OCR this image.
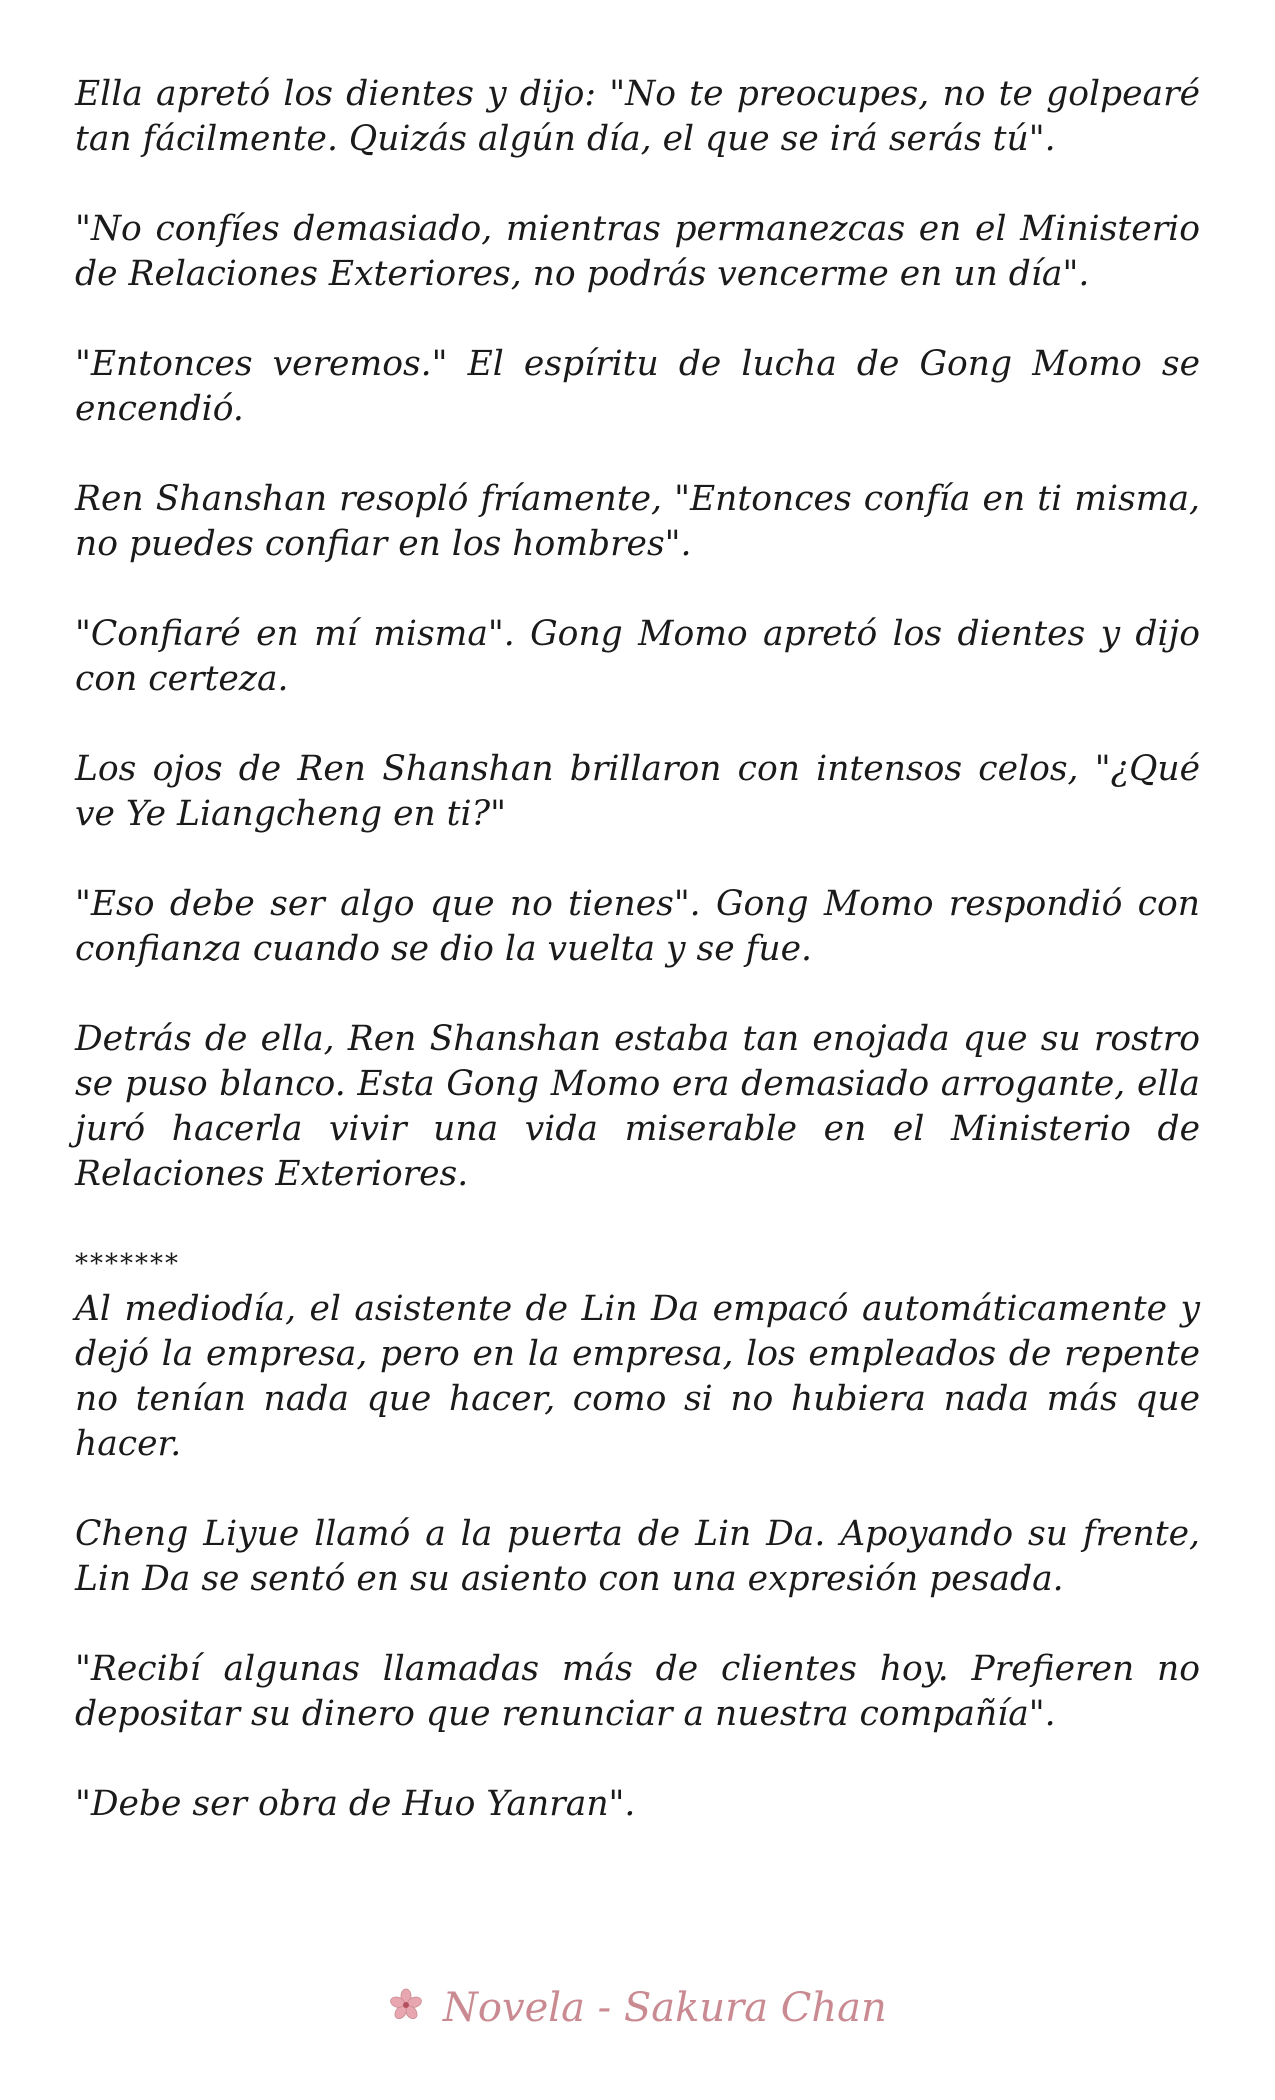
Ella apretó los dientes y dijo: "No te preocupes, no te golpearé tan fácilmente. Quizás algún día, el que se irá serás tú".

"No confíes demasiado, mientras permanezcas en el Ministerio de Relaciones Exteriores, no podrás vencerme en un día".

"Entonces veremos." El espíritu de lucha de Gong Momo se encendió.

Ren Shanshan resopló fríamente, "Entonces confía en ti misma, no puedes confiar en los hombres".

"Confiaré en mí misma". Gong Momo apretó los dientes y dijo con certeza.

Los ojos de Ren Shanshan brillaron con intensos celos, "¿Qué ve Ye Liangcheng en ti?"

"Eso debe ser algo que no tienes". Gong Momo respondió con confianza cuando se dio la vuelta y se fue.

Detrás de ella, Ren Shanshan estaba tan enojada que su rostro se puso blanco. Esta Gong Momo era demasiado arrogante, ella juró hacerla vivir una vida miserable en el Ministerio de Relaciones Exteriores.

*******

Al mediodía, el asistente de Lin Da empacó automáticamente y dejó la empresa, pero en la empresa, los empleados de repente no tenían nada que hacer, como si no hubiera nada más que hacer.

Cheng Liyue llamó a la puerta de Lin Da. Apoyando su frente, Lin Da se sentó en su asiento con una expresión pesada.

"Recibí algunas llamadas más de clientes hoy. Prefieren no depositar su dinero que renunciar a nuestra compañía".

"Debe ser obra de Huo Yanran".

Novela - Sakura Chan
